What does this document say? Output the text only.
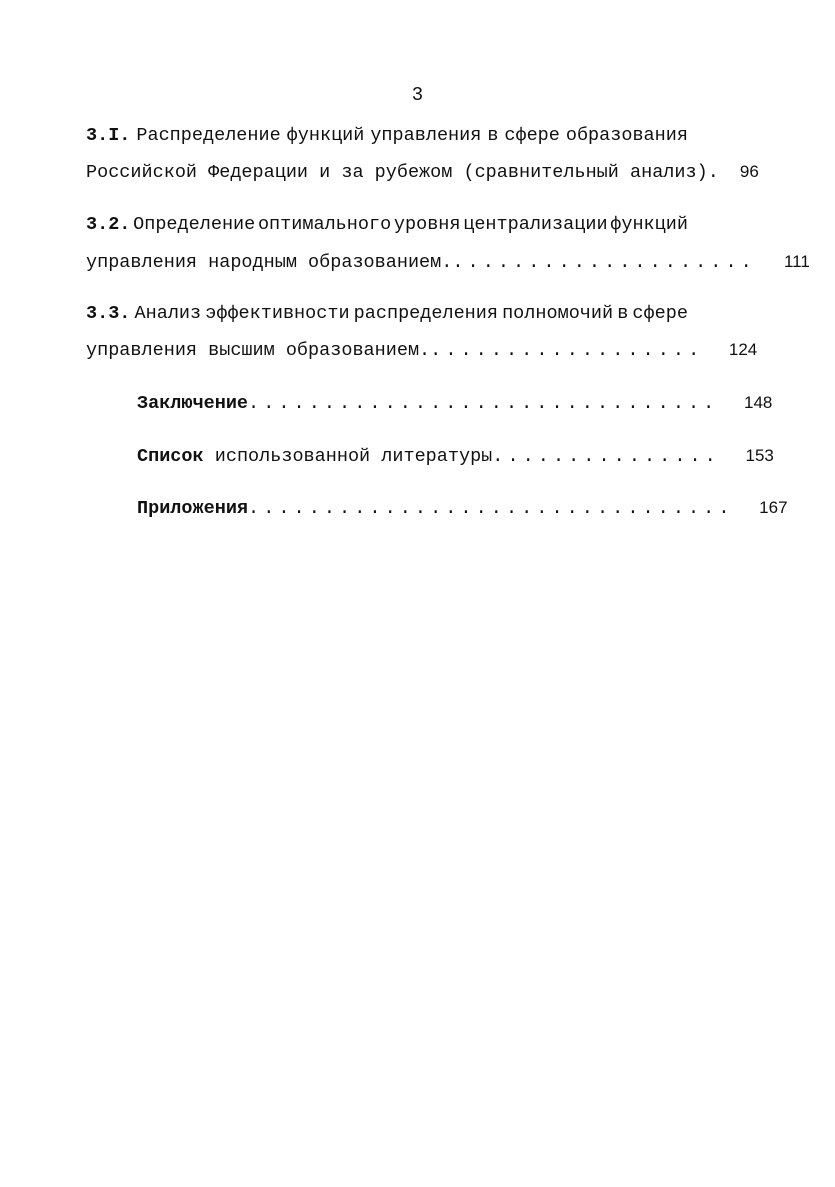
3
3.I. Распределение функций управления в сфере образования
Российской Федерации и за рубежом (сравнительный анализ).	96
3.2. Определение оптимального уровня централизации функций
управления народным образованием. ....................	111
3.3. Анализ эффективности распределения полномочий в сфере
управления высшим образованием. ..................	124
Заключение ...............................	148
Список
использованной литературы ...............	153
Приложения ................................	167
